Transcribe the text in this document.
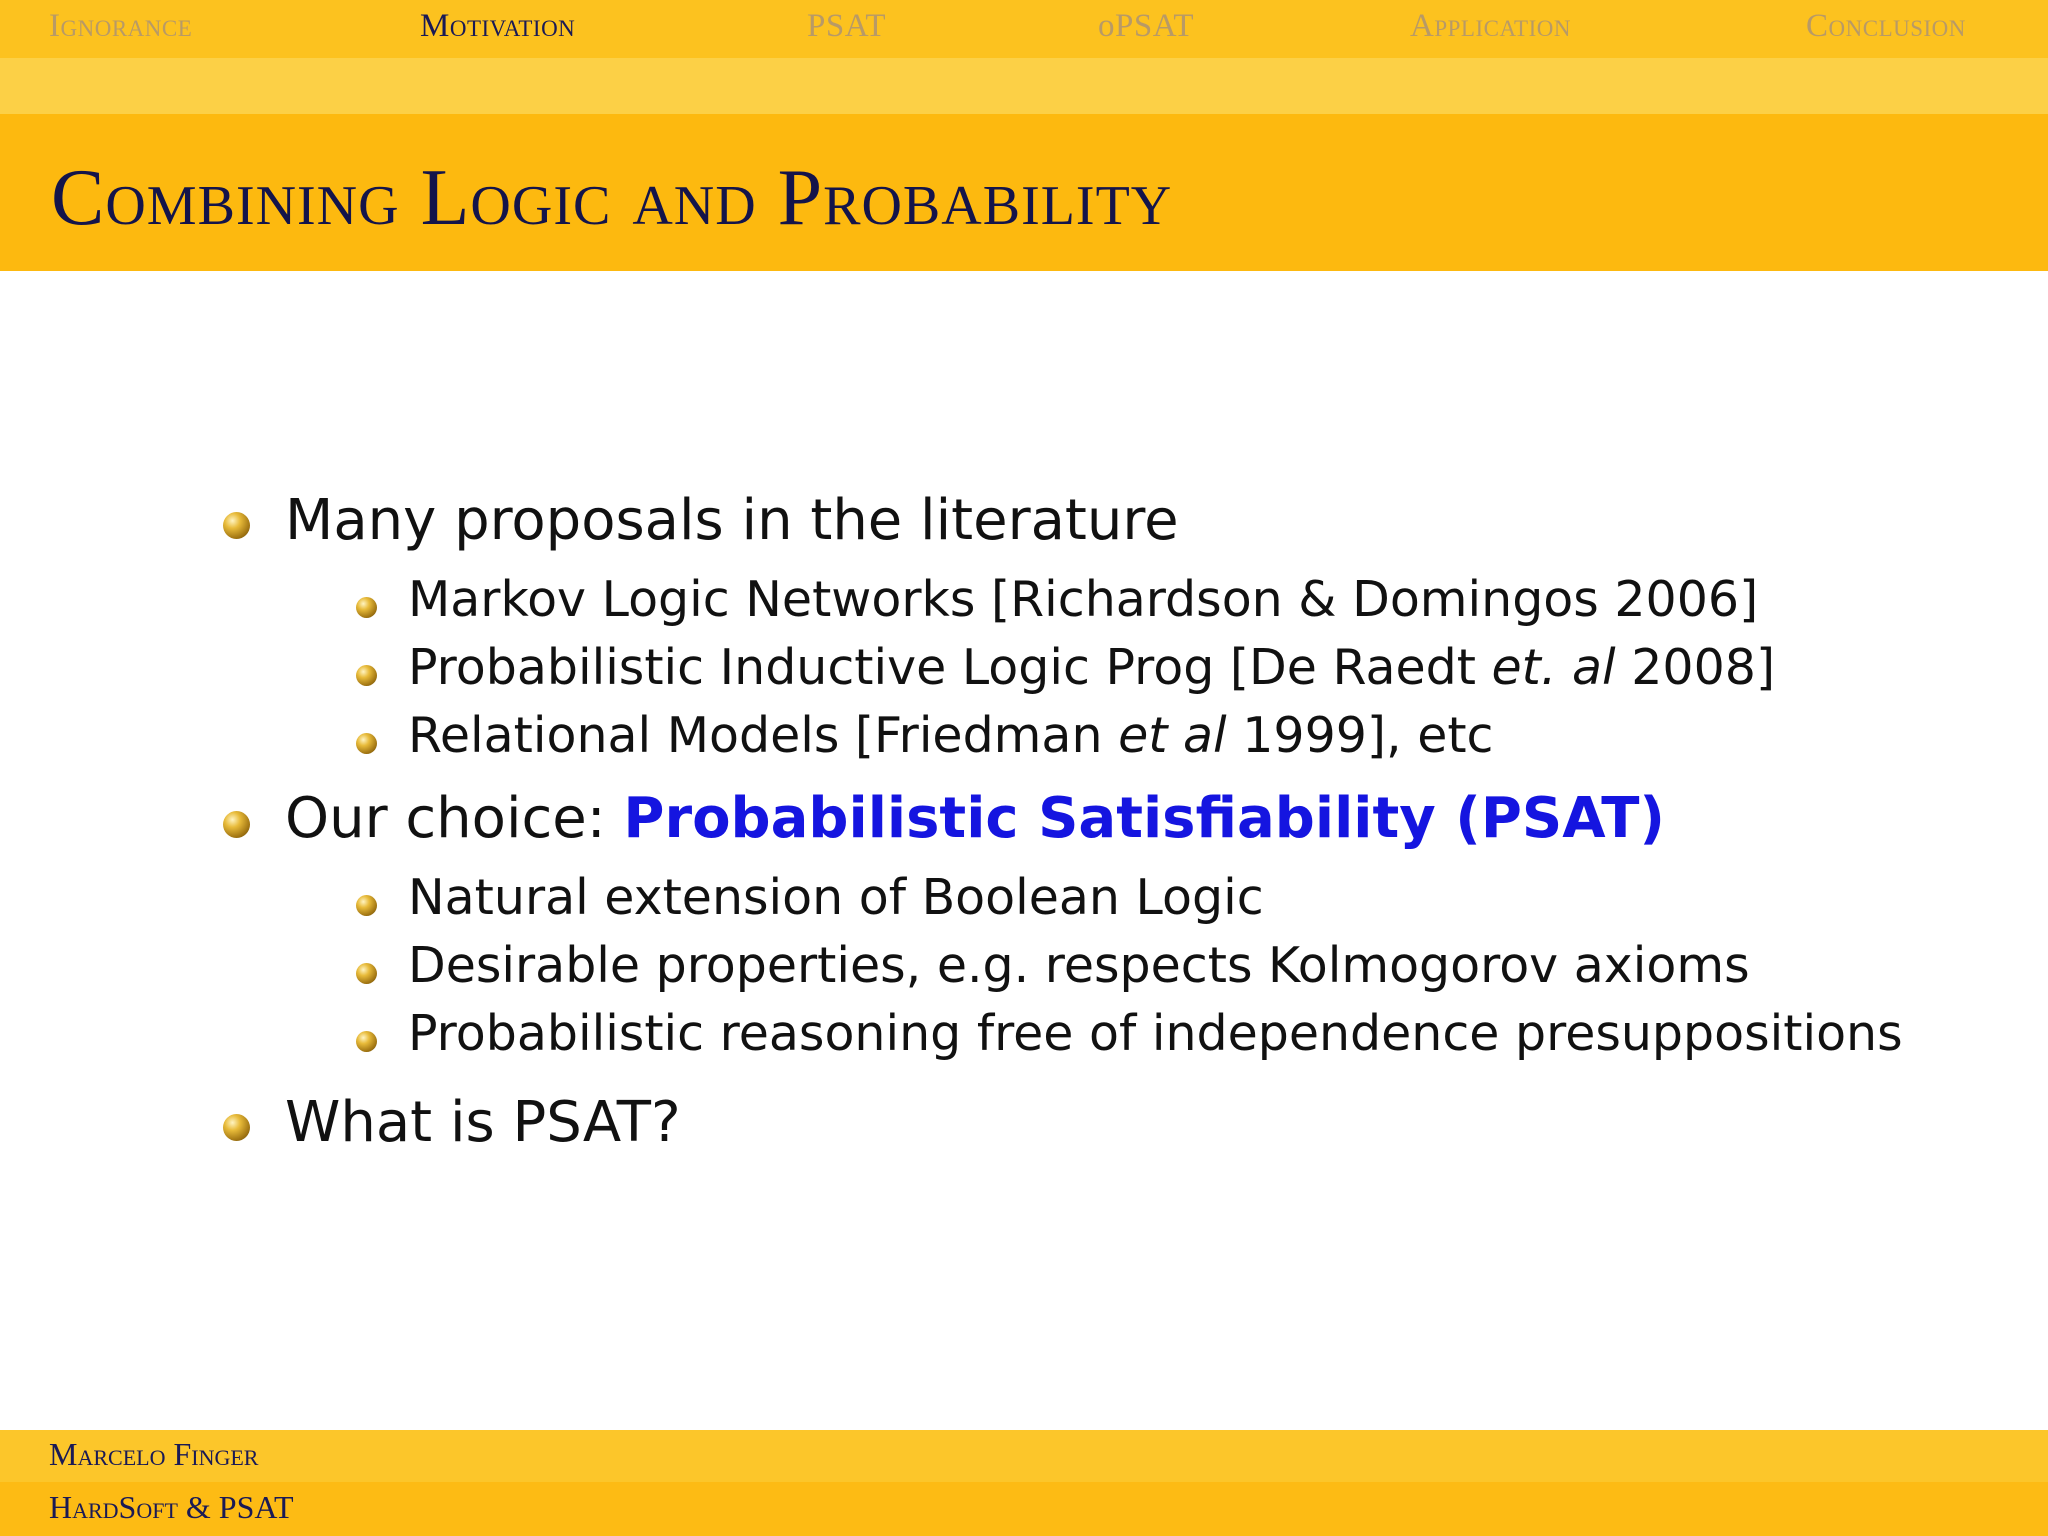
Ignorance	Motivation	PSAT	oPSAT	Application	Conclusion
Combining Logic and Probability
Many proposals in the literature
Markov Logic Networks [Richardson & Domingos 2006]
Probabilistic Inductive Logic Prog [De Raedt et. al 2008]
Relational Models [Friedman et al 1999], etc
Our choice: Probabilistic Satisfiability (PSAT)
Natural extension of Boolean Logic
Desirable properties, e.g. respects Kolmogorov axioms
Probabilistic reasoning free of independence presuppositions
What is PSAT?
Marcelo Finger
HardSoft & PSAT
